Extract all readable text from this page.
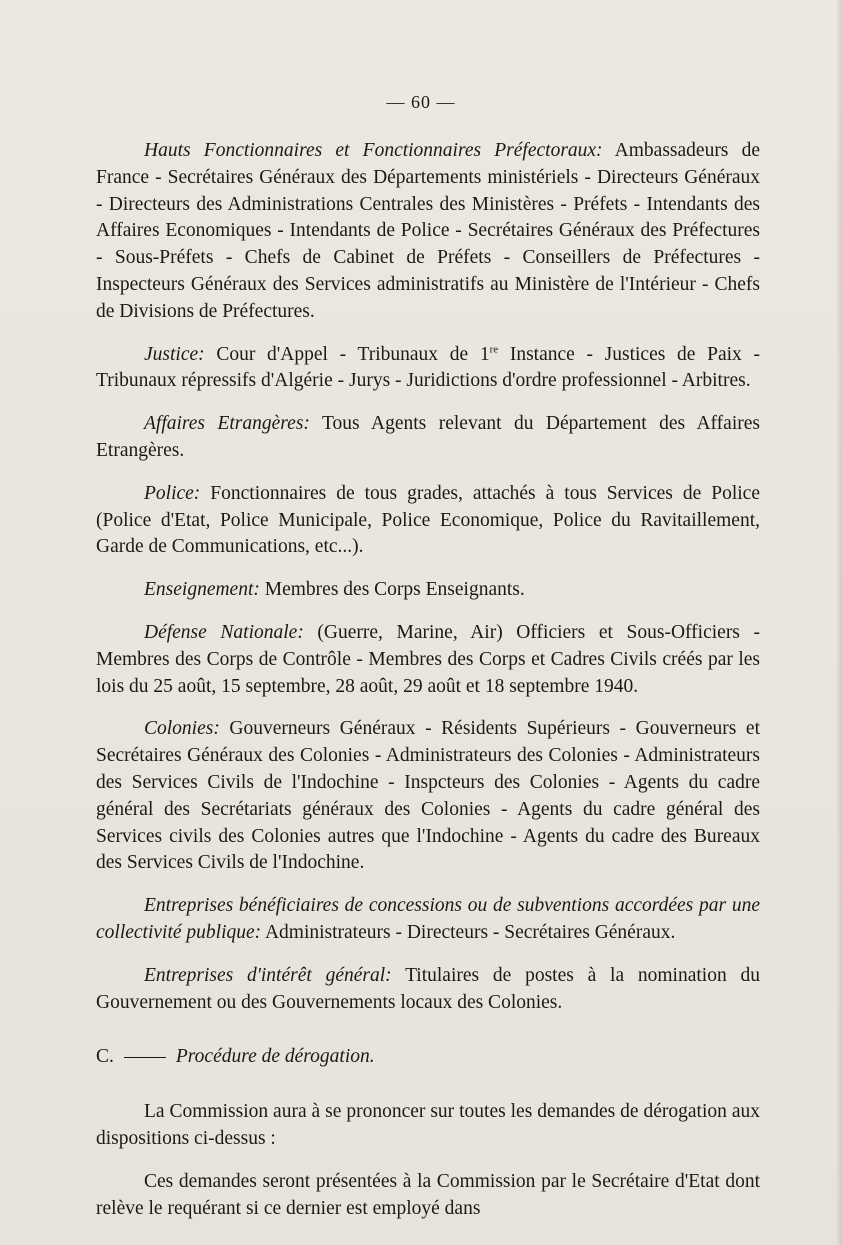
— 60 —

Hauts Fonctionnaires et Fonctionnaires Préfectoraux: Ambassadeurs de France - Secrétaires Généraux des Départements ministériels - Directeurs Généraux - Directeurs des Administrations Centrales des Ministères - Préfets - Intendants des Affaires Economiques - Intendants de Police - Secrétaires Généraux des Préfectures - Sous-Préfets - Chefs de Cabinet de Préfets - Conseillers de Préfectures - Inspecteurs Généraux des Services administratifs au Ministère de l'Intérieur - Chefs de Divisions de Préfectures.

Justice: Cour d'Appel - Tribunaux de 1re Instance - Justices de Paix - Tribunaux répressifs d'Algérie - Jurys - Juridictions d'ordre professionnel - Arbitres.

Affaires Etrangères: Tous Agents relevant du Département des Affaires Etrangères.

Police: Fonctionnaires de tous grades, attachés à tous Services de Police (Police d'Etat, Police Municipale, Police Economique, Police du Ravitaillement, Garde de Communications, etc...).

Enseignement: Membres des Corps Enseignants.

Défense Nationale: (Guerre, Marine, Air) Officiers et Sous-Officiers - Membres des Corps de Contrôle - Membres des Corps et Cadres Civils créés par les lois du 25 août, 15 septembre, 28 août, 29 août et 18 septembre 1940.

Colonies: Gouverneurs Généraux - Résidents Supérieurs - Gouverneurs et Secrétaires Généraux des Colonies - Administrateurs des Colonies - Administrateurs des Services Civils de l'Indochine - Inspcteurs des Colonies - Agents du cadre général des Secrétariats généraux des Colonies - Agents du cadre général des Services civils des Colonies autres que l'Indochine - Agents du cadre des Bureaux des Services Civils de l'Indochine.

Entreprises bénéficiaires de concessions ou de subventions accordées par une collectivité publique: Administrateurs - Directeurs - Secrétaires Généraux.

Entreprises d'intérêt général: Titulaires de postes à la nomination du Gouvernement ou des Gouvernements locaux des Colonies.

C.	Procédure de dérogation.

La Commission aura à se prononcer sur toutes les demandes de dérogation aux dispositions ci-dessus :

Ces demandes seront présentées à la Commission par le Secrétaire d'Etat dont relève le requérant si ce dernier est employé dans
